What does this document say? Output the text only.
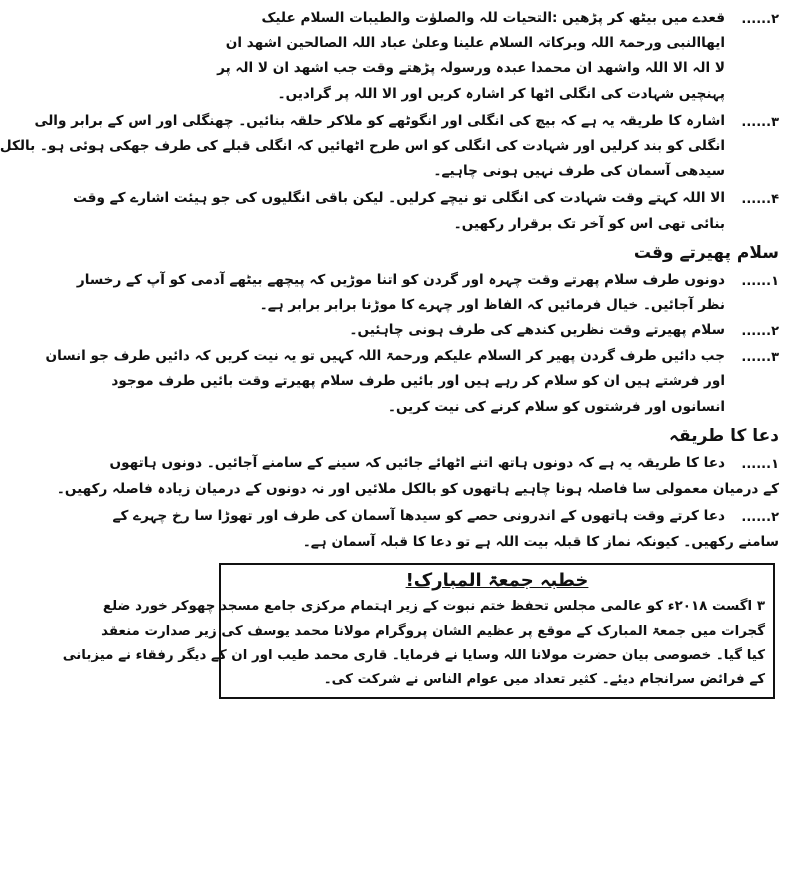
۲......
قعدے میں بیٹھ کر پڑھیں :التحیات للہ والصلوٰت والطیبات السلام علیک
ایھاالنبی ورحمۃ اللہ وبرکاتہ السلام علینا وعلیٰ عباد اللہ الصالحین اشھد ان
لا الہ الا اللہ واشھد ان محمدا عبدہ ورسولہ پڑھتے وقت جب اشھد ان لا الہ پر
پہنچیں شہادت کی انگلی اٹھا کر اشارہ کریں اور الا اللہ پر گرادیں۔
۳......
اشارہ کا طریقہ یہ ہے کہ بیچ کی انگلی اور انگوٹھے کو ملاکر حلقہ بنائیں۔ چھنگلی اور اس کے برابر والی
انگلی کو بند کرلیں اور شہادت کی انگلی کو اس طرح اٹھائیں کہ انگلی قبلے کی طرف جھکی ہوئی ہو۔ بالکل
سیدھی آسمان کی طرف نہیں ہونی چاہیے۔
۴......
الا اللہ کہتے وقت شہادت کی انگلی تو نیچے کرلیں۔ لیکن باقی انگلیوں کی جو ہیئت اشارے کے وقت
بنائی تھی اس کو آخر تک برقرار رکھیں۔
سلام پھیرتے وقت
۱......
دونوں طرف سلام پھرتے وقت چہرہ اور گردن کو اتنا موڑیں کہ پیچھے بیٹھے آدمی کو آپ کے رخسار
نظر آجائیں۔ خیال فرمائیں کہ الفاظ اور چہرے کا موڑنا برابر برابر ہے۔
۲......
سلام پھیرتے وقت نظریں کندھے کی طرف ہونی چاہئیں۔
۳......
جب دائیں طرف گردن پھیر کر السلام علیکم ورحمۃ اللہ کہیں تو یہ نیت کریں کہ دائیں طرف جو انسان
اور فرشتے ہیں ان کو سلام کر رہے ہیں اور بائیں طرف سلام پھیرتے وقت بائیں طرف موجود
انسانوں اور فرشتوں کو سلام کرنے کی نیت کریں۔
دعا کا طریقہ
۱......
دعا کا طریقہ یہ ہے کہ دونوں ہاتھ اتنے اٹھائے جائیں کہ سینے کے سامنے آجائیں۔ دونوں ہاتھوں
کے درمیان معمولی سا فاصلہ ہونا چاہیے ہاتھوں کو بالکل ملائیں اور نہ دونوں کے درمیان زیادہ فاصلہ رکھیں۔
۲......
دعا کرتے وقت ہاتھوں کے اندرونی حصے کو سیدھا آسمان کی طرف اور تھوڑا سا رخ چہرے کے
سامنے رکھیں۔ کیونکہ نماز کا قبلہ بیت اللہ ہے تو دعا کا قبلہ آسمان ہے۔
خطبہ جمعۃ المبارک!
۳ اگست ۲۰۱۸ء کو عالمی مجلس تحفظ ختم نبوت کے زیر اہتمام مرکزی جامع مسجد چھوکر خورد ضلع
گجرات میں جمعۃ المبارک کے موقع پر عظیم الشان پروگرام مولانا محمد یوسف کی زیر صدارت منعقد
کیا گیا۔ خصوصی بیان حضرت مولانا اللہ وسایا نے فرمایا۔ قاری محمد طیب اور ان کے دیگر رفقاء نے میزبانی
کے فرائض سرانجام دیئے۔ کثیر تعداد میں عوام الناس نے شرکت کی۔
